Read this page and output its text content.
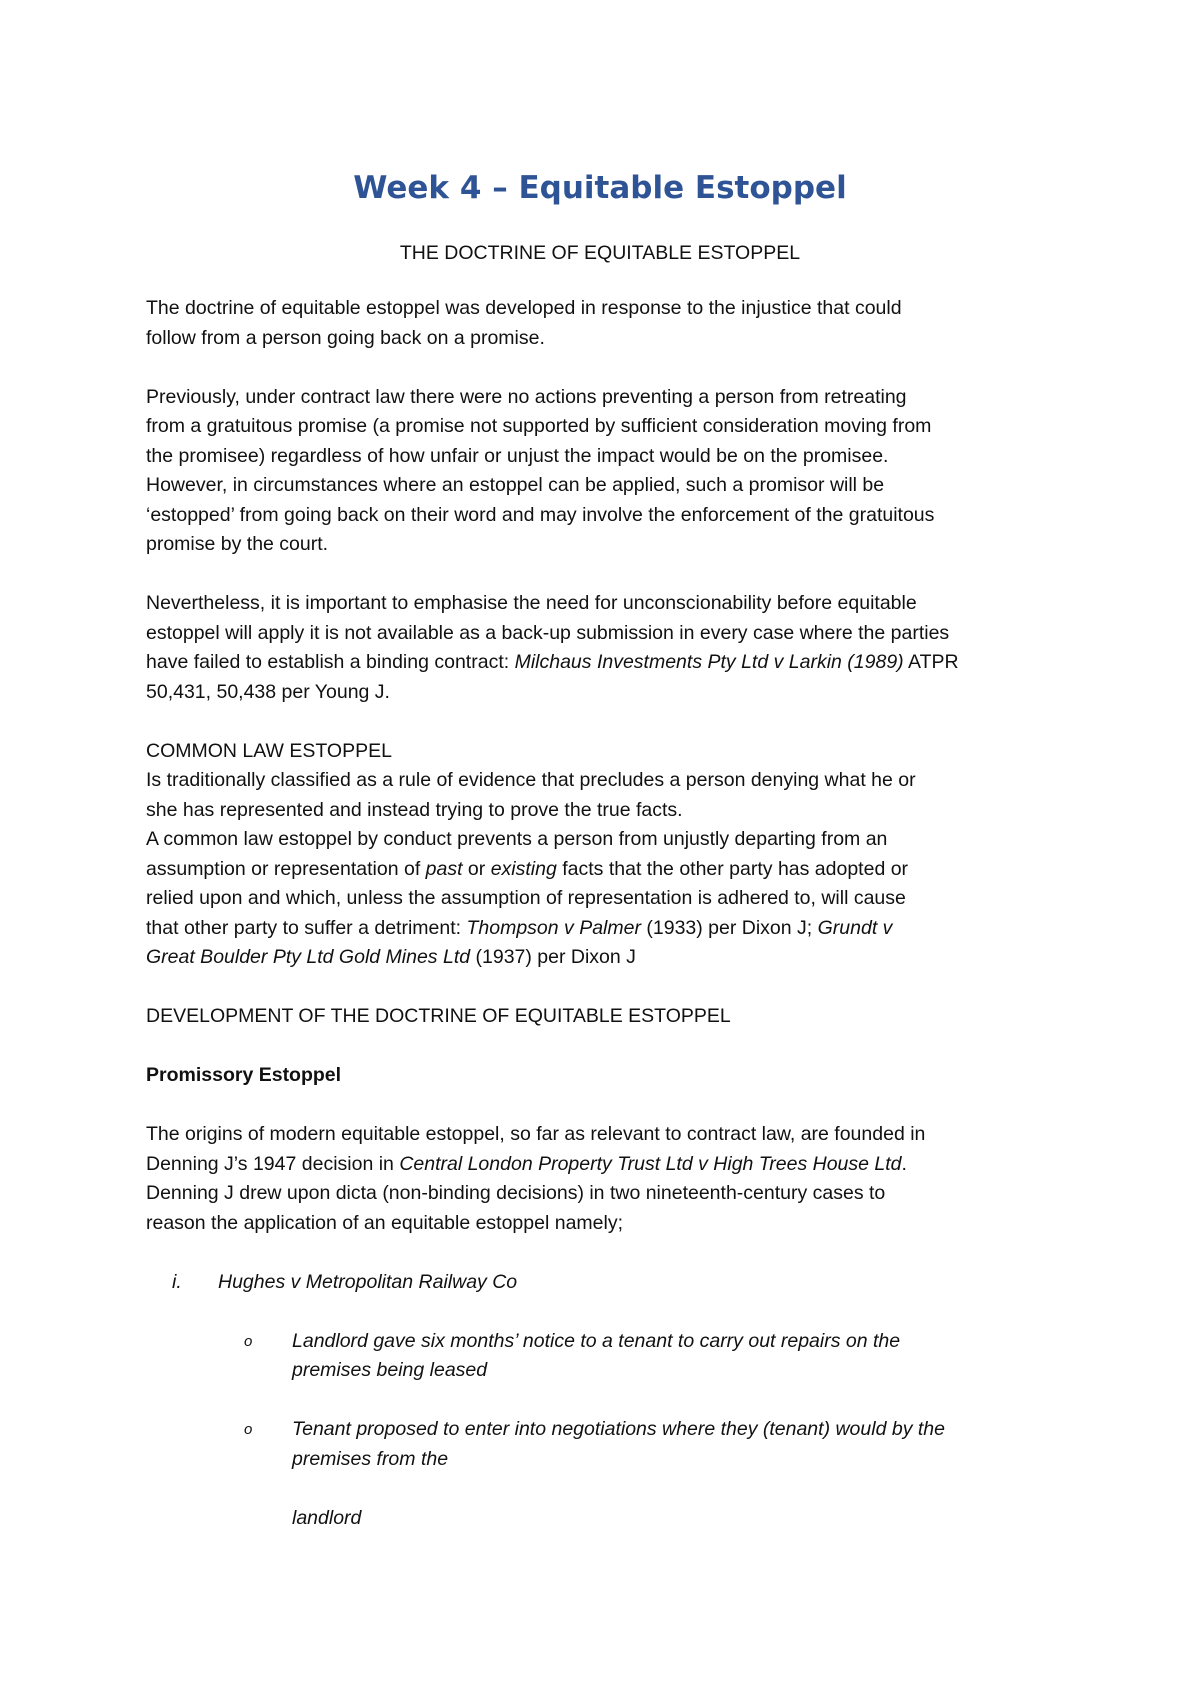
Week 4 – Equitable Estoppel

THE DOCTRINE OF EQUITABLE ESTOPPEL

The doctrine of equitable estoppel was developed in response to the injustice that could

follow from a person going back on a promise.

Previously, under contract law there were no actions preventing a person from retreating

from a gratuitous promise (a promise not supported by sufficient consideration moving from

the promisee) regardless of how unfair or unjust the impact would be on the promisee.

However, in circumstances where an estoppel can be applied, such a promisor will be

‘estopped’ from going back on their word and may involve the enforcement of the gratuitous

promise by the court.

Nevertheless, it is important to emphasise the need for unconscionability before equitable

estoppel will apply it is not available as a back-up submission in every case where the parties

have failed to establish a binding contract: Milchaus Investments Pty Ltd v Larkin (1989) ATPR

50,431, 50,438 per Young J.

COMMON LAW ESTOPPEL

Is traditionally classified as a rule of evidence that precludes a person denying what he or

she has represented and instead trying to prove the true facts.

A common law estoppel by conduct prevents a person from unjustly departing from an

assumption or representation of past or existing facts that the other party has adopted or

relied upon and which, unless the assumption of representation is adhered to, will cause

that other party to suffer a detriment: Thompson v Palmer (1933) per Dixon J; Grundt v

Great Boulder Pty Ltd Gold Mines Ltd (1937) per Dixon J

DEVELOPMENT OF THE DOCTRINE OF EQUITABLE ESTOPPEL

Promissory Estoppel

The origins of modern equitable estoppel, so far as relevant to contract law, are founded in

Denning J’s 1947 decision in Central London Property Trust Ltd v High Trees House Ltd.

Denning J drew upon dicta (non-binding decisions) in two nineteenth-century cases to

reason the application of an equitable estoppel namely;

i. Hughes v Metropolitan Railway Co

o Landlord gave six months’ notice to a tenant to carry out repairs on the

premises being leased

o Tenant proposed to enter into negotiations where they (tenant) would by the

premises from the

landlord
